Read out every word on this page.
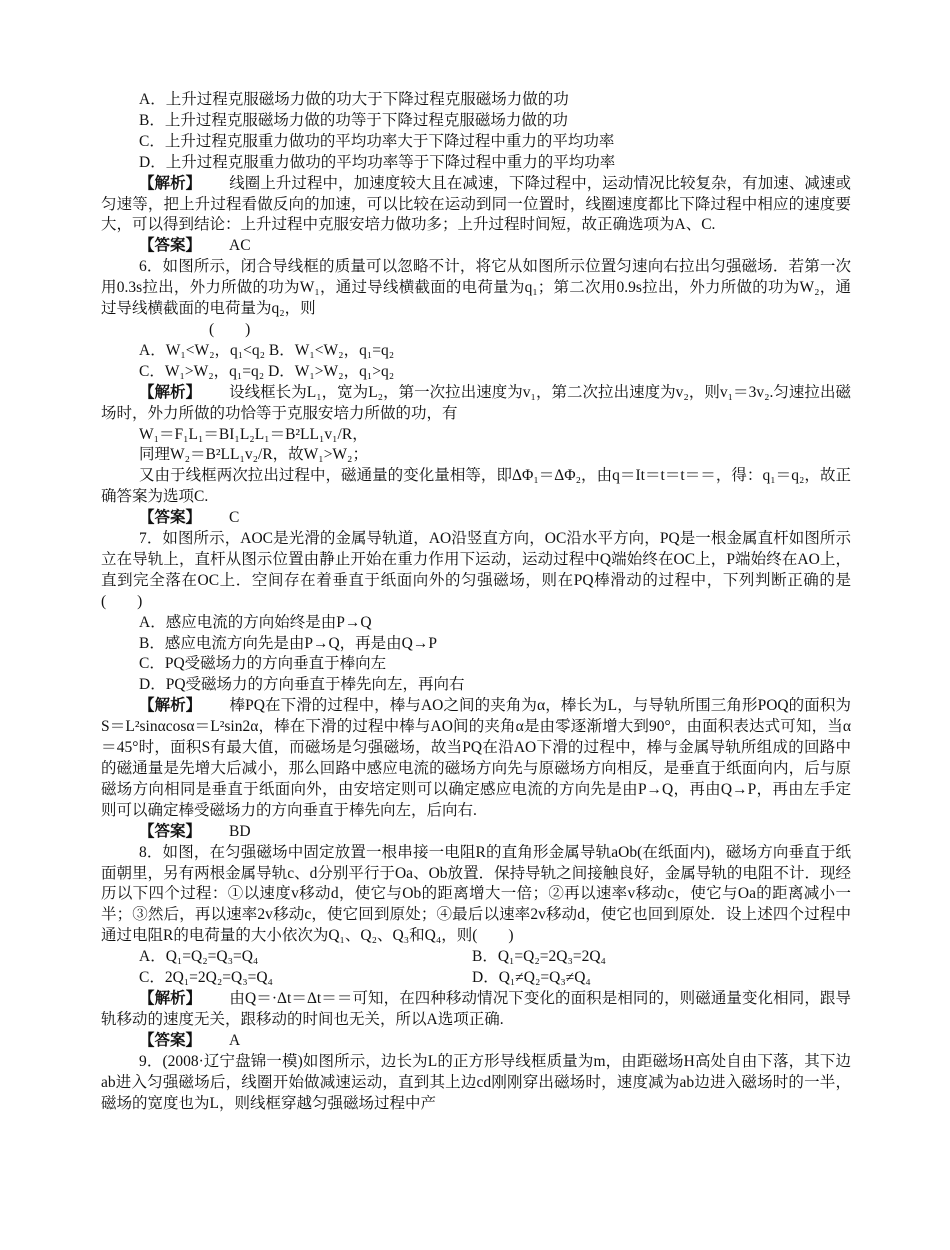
A．上升过程克服磁场力做的功大于下降过程克服磁场力做的功

B．上升过程克服磁场力做的功等于下降过程克服磁场力做的功

C．上升过程克服重力做功的平均功率大于下降过程中重力的平均功率

D．上升过程克服重力做功的平均功率等于下降过程中重力的平均功率

【解析】 线圈上升过程中，加速度较大且在减速，下降过程中，运动情况比较复杂，有加速、减速或匀速等，把上升过程看做反向的加速，可以比较在运动到同一位置时，线圈速度都比下降过程中相应的速度要大，可以得到结论：上升过程中克服安培力做功多；上升过程时间短，故正确选项为A、C.

【答案】 AC

6．如图所示，闭合导线框的质量可以忽略不计，将它从如图所示位置匀速向右拉出匀强磁场．若第一次用0.3s拉出，外力所做的功为W₁，通过导线横截面的电荷量为q₁；第二次用0.9s拉出，外力所做的功为W₂，通过导线横截面的电荷量为q₂，则

(　　)

A．W₁<W₂，q₁<q₂ B．W₁<W₂，q₁=q₂

C．W₁>W₂，q₁=q₂ D．W₁>W₂，q₁>q₂

【解析】 设线框长为L₁，宽为L₂，第一次拉出速度为v₁，第二次拉出速度为v₂，则v₁＝3v₂.匀速拉出磁场时，外力所做的功恰等于克服安培力所做的功，有

W₁＝F₁L₁＝BI₁L₂L₁＝B²LL₁v₁/R，

同理W₂＝B²LL₁v₂/R，故W₁>W₂；

又由于线框两次拉出过程中，磁通量的变化量相等，即ΔΦ₁＝ΔΦ₂，由q＝It＝t＝t＝＝，得：q₁＝q₂，故正确答案为选项C.

【答案】 C

7．如图所示，AOC是光滑的金属导轨道，AO沿竖直方向，OC沿水平方向，PQ是一根金属直杆如图所示立在导轨上，直杆从图示位置由静止开始在重力作用下运动，运动过程中Q端始终在OC上，P端始终在AO上，直到完全落在OC上．空间存在着垂直于纸面向外的匀强磁场，则在PQ棒滑动的过程中，下列判断正确的是(　　)

A．感应电流的方向始终是由P→Q

B．感应电流方向先是由P→Q，再是由Q→P

C．PQ受磁场力的方向垂直于棒向左

D．PQ受磁场力的方向垂直于棒先向左，再向右

【解析】 棒PQ在下滑的过程中，棒与AO之间的夹角为α，棒长为L，与导轨所围三角形POQ的面积为S＝L²sinαcosα＝L²sin2α，棒在下滑的过程中棒与AO间的夹角α是由零逐渐增大到90°，由面积表达式可知，当α＝45°时，面积S有最大值，而磁场是匀强磁场，故当PQ在沿AO下滑的过程中，棒与金属导轨所组成的回路中的磁通量是先增大后减小，那么回路中感应电流的磁场方向先与原磁场方向相反，是垂直于纸面向内，后与原磁场方向相同是垂直于纸面向外，由安培定则可以确定感应电流的方向先是由P→Q，再由Q→P，再由左手定则可以确定棒受磁场力的方向垂直于棒先向左，后向右.

【答案】 BD

8．如图，在匀强磁场中固定放置一根串接一电阻R的直角形金属导轨aOb(在纸面内)，磁场方向垂直于纸面朝里，另有两根金属导轨c、d分别平行于Oa、Ob放置．保持导轨之间接触良好，金属导轨的电阻不计．现经历以下四个过程：①以速度v移动d，使它与Ob的距离增大一倍；②再以速率v移动c，使它与Oa的距离减小一半；③然后，再以速率2v移动c，使它回到原处；④最后以速率2v移动d，使它也回到原处．设上述四个过程中通过电阻R的电荷量的大小依次为Q₁、Q₂、Q₃和Q₄，则(　　)

A．Q₁=Q₂=Q₃=Q₄	B．Q₁=Q₂=2Q₃=2Q₄
C．2Q₁=2Q₂=Q₃=Q₄	D．Q₁≠Q₂=Q₃≠Q₄

【解析】 由Q＝·Δt＝Δt＝＝可知，在四种移动情况下变化的面积是相同的，则磁通量变化相同，跟导轨移动的速度无关，跟移动的时间也无关，所以A选项正确.

【答案】 A

9．(2008·辽宁盘锦一模)如图所示，边长为L的正方形导线框质量为m，由距磁场H高处自由下落，其下边ab进入匀强磁场后，线圈开始做减速运动，直到其上边cd刚刚穿出磁场时，速度减为ab边进入磁场时的一半，磁场的宽度也为L，则线框穿越匀强磁场过程中产
